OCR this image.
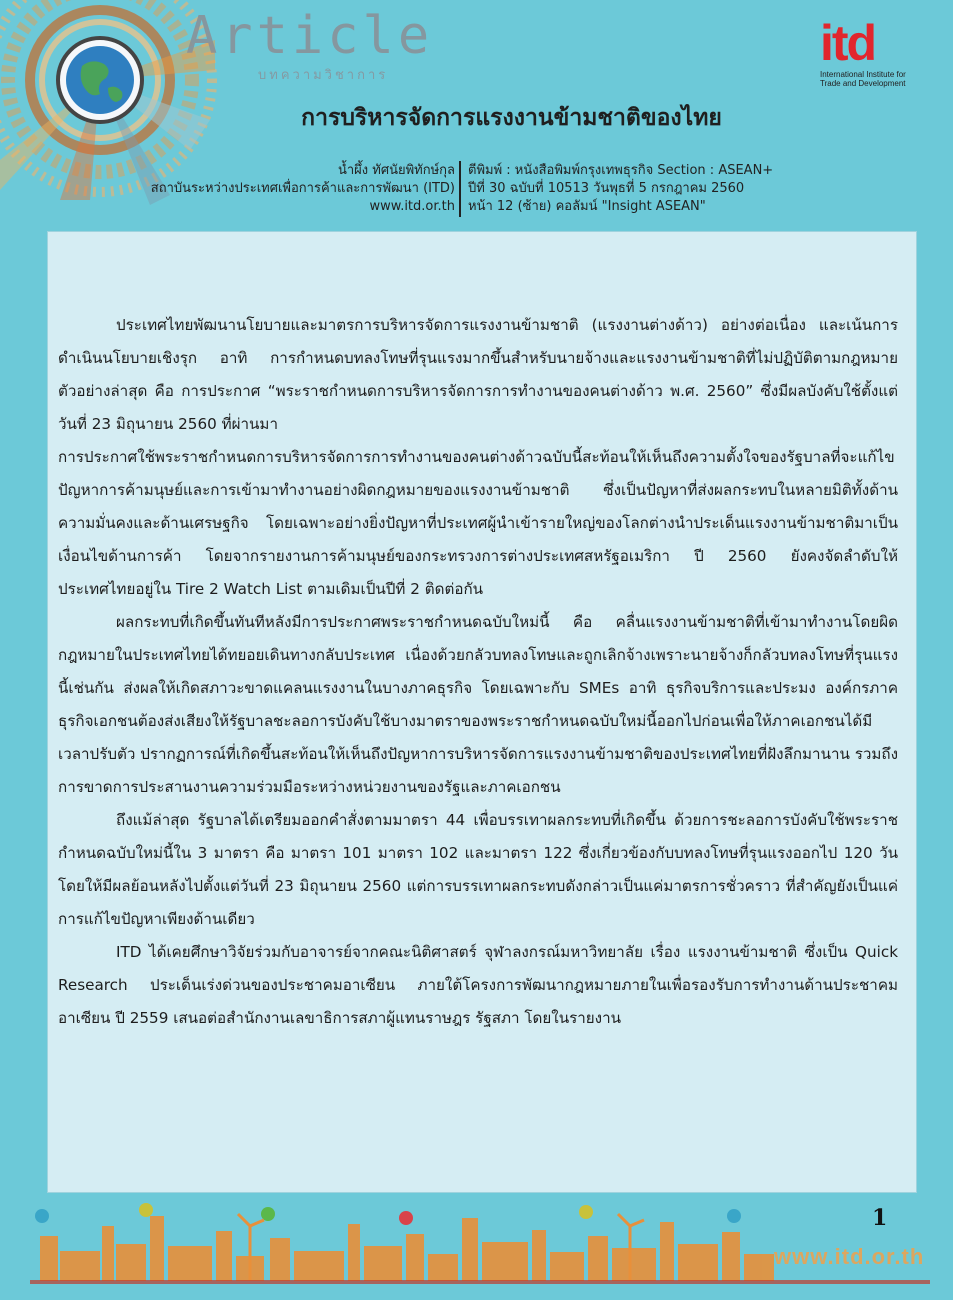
Article
บทความวิชาการ
itd
International Institute for
Trade and Development
การบริหารจัดการแรงงานข้ามชาติของไทย
น้ำผึ้ง ทัศนัยพิทักษ์กุล
สถาบันระหว่างประเทศเพื่อการค้าและการพัฒนา (ITD)
www.itd.or.th
ตีพิมพ์ : หนังสือพิมพ์กรุงเทพธุรกิจ Section : ASEAN+
ปีที่ 30 ฉบับที่ 10513 วันพุธที่ 5 กรกฎาคม 2560
หน้า 12 (ซ้าย) คอลัมน์ "Insight ASEAN"

ประเทศไทยพัฒนานโยบายและมาตรการบริหารจัดการแรงงานข้ามชาติ (แรงงานต่างด้าว) อย่างต่อเนื่อง และเน้นการดำเนินนโยบายเชิงรุก อาทิ การกำหนดบทลงโทษที่รุนแรงมากขึ้นสำหรับนายจ้างและแรงงานข้ามชาติที่ไม่ปฏิบัติตามกฎหมาย ตัวอย่างล่าสุด คือ การประกาศ “พระราชกำหนดการบริหารจัดการการทำงานของคนต่างด้าว พ.ศ. 2560” ซึ่งมีผลบังคับใช้ตั้งแต่วันที่ 23 มิถุนายน 2560 ที่ผ่านมา

การประกาศใช้พระราชกำหนดการบริหารจัดการการทำงานของคนต่างด้าวฉบับนี้สะท้อนให้เห็นถึงความตั้งใจของรัฐบาลที่จะแก้ไขปัญหาการค้ามนุษย์และการเข้ามาทำงานอย่างผิดกฎหมายของแรงงานข้ามชาติ ซึ่งเป็นปัญหาที่ส่งผลกระทบในหลายมิติทั้งด้านความมั่นคงและด้านเศรษฐกิจ โดยเฉพาะอย่างยิ่งปัญหาที่ประเทศผู้นำเข้ารายใหญ่ของโลกต่างนำประเด็นแรงงานข้ามชาติมาเป็นเงื่อนไขด้านการค้า โดยจากรายงานการค้ามนุษย์ของกระทรวงการต่างประเทศสหรัฐอเมริกา ปี 2560 ยังคงจัดลำดับให้ประเทศไทยอยู่ใน Tire 2 Watch List ตามเดิมเป็นปีที่ 2 ติดต่อกัน

ผลกระทบที่เกิดขึ้นทันทีหลังมีการประกาศพระราชกำหนดฉบับใหม่นี้ คือ คลื่นแรงงานข้ามชาติที่เข้ามาทำงานโดยผิดกฎหมายในประเทศไทยได้ทยอยเดินทางกลับประเทศ เนื่องด้วยกลัวบทลงโทษและถูกเลิกจ้างเพราะนายจ้างก็กลัวบทลงโทษที่รุนแรงนี้เช่นกัน ส่งผลให้เกิดสภาวะขาดแคลนแรงงานในบางภาคธุรกิจ โดยเฉพาะกับ SMEs อาทิ ธุรกิจบริการและประมง องค์กรภาคธุรกิจเอกชนต้องส่งเสียงให้รัฐบาลชะลอการบังคับใช้บางมาตราของพระราชกำหนดฉบับใหม่นี้ออกไปก่อนเพื่อให้ภาคเอกชนได้มีเวลาปรับตัว ปรากฏการณ์ที่เกิดขึ้นสะท้อนให้เห็นถึงปัญหาการบริหารจัดการแรงงานข้ามชาติของประเทศไทยที่ฝังลึกมานาน รวมถึงการขาดการประสานงานความร่วมมือระหว่างหน่วยงานของรัฐและภาคเอกชน

ถึงแม้ล่าสุด รัฐบาลได้เตรียมออกคำสั่งตามมาตรา 44 เพื่อบรรเทาผลกระทบที่เกิดขึ้น ด้วยการชะลอการบังคับใช้พระราชกำหนดฉบับใหม่นี้ใน 3 มาตรา คือ มาตรา 101 มาตรา 102 และมาตรา 122 ซึ่งเกี่ยวข้องกับบทลงโทษที่รุนแรงออกไป 120 วัน โดยให้มีผลย้อนหลังไปตั้งแต่วันที่ 23 มิถุนายน 2560 แต่การบรรเทาผลกระทบดังกล่าวเป็นแค่มาตรการชั่วคราว ที่สำคัญยังเป็นแค่การแก้ไขปัญหาเพียงด้านเดียว

ITD ได้เคยศึกษาวิจัยร่วมกับอาจารย์จากคณะนิติศาสตร์ จุฬาลงกรณ์มหาวิทยาลัย เรื่อง แรงงานข้ามชาติ ซึ่งเป็น Quick Research ประเด็นเร่งด่วนของประชาคมอาเซียน ภายใต้โครงการพัฒนากฎหมายภายในเพื่อรองรับการทำงานด้านประชาคมอาเซียน ปี 2559 เสนอต่อสำนักงานเลขาธิการสภาผู้แทนราษฎร รัฐสภา โดยในรายงาน

1
www.itd.or.th
